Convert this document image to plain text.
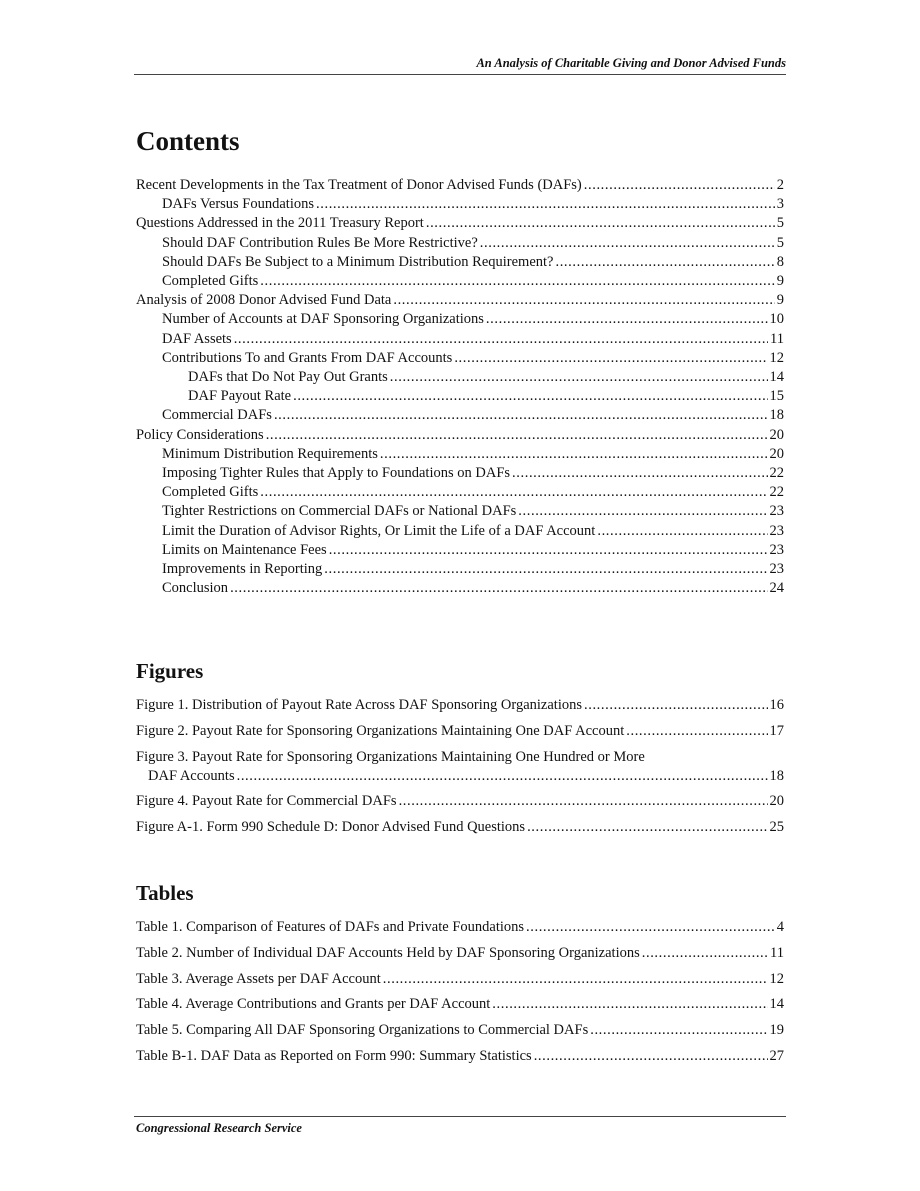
An Analysis of Charitable Giving and Donor Advised Funds
Contents
Recent Developments in the Tax Treatment of Donor Advised Funds (DAFs) .....	2
DAFs Versus Foundations .....	3
Questions Addressed in the 2011 Treasury Report .....	5
Should DAF Contribution Rules Be More Restrictive? .....	5
Should DAFs Be Subject to a Minimum Distribution Requirement? .....	8
Completed Gifts .....	9
Analysis of 2008 Donor Advised Fund Data .....	9
Number of Accounts at DAF Sponsoring Organizations .....	10
DAF Assets .....	11
Contributions To and Grants From DAF Accounts .....	12
DAFs that Do Not Pay Out Grants .....	14
DAF Payout Rate .....	15
Commercial DAFs .....	18
Policy Considerations .....	20
Minimum Distribution Requirements .....	20
Imposing Tighter Rules that Apply to Foundations on DAFs .....	22
Completed Gifts .....	22
Tighter Restrictions on Commercial DAFs or National DAFs .....	23
Limit the Duration of Advisor Rights, Or Limit the Life of a DAF Account .....	23
Limits on Maintenance Fees .....	23
Improvements in Reporting .....	23
Conclusion .....	24
Figures
Figure 1. Distribution of Payout Rate Across DAF Sponsoring Organizations .....	16
Figure 2. Payout Rate for Sponsoring Organizations Maintaining One DAF Account .....	17
Figure 3. Payout Rate for Sponsoring Organizations Maintaining One Hundred or More
DAF Accounts .....	18
Figure 4. Payout Rate for Commercial DAFs .....	20
Figure A-1. Form 990 Schedule D: Donor Advised Fund Questions .....	25
Tables
Table 1. Comparison of Features of DAFs and Private Foundations .....	4
Table 2. Number of Individual DAF Accounts Held by DAF Sponsoring Organizations .....	11
Table 3. Average Assets per DAF Account .....	12
Table 4. Average Contributions and Grants per DAF Account .....	14
Table 5. Comparing All DAF Sponsoring Organizations to Commercial DAFs .....	19
Table B-1. DAF Data as Reported on Form 990: Summary Statistics .....	27
Congressional Research Service
